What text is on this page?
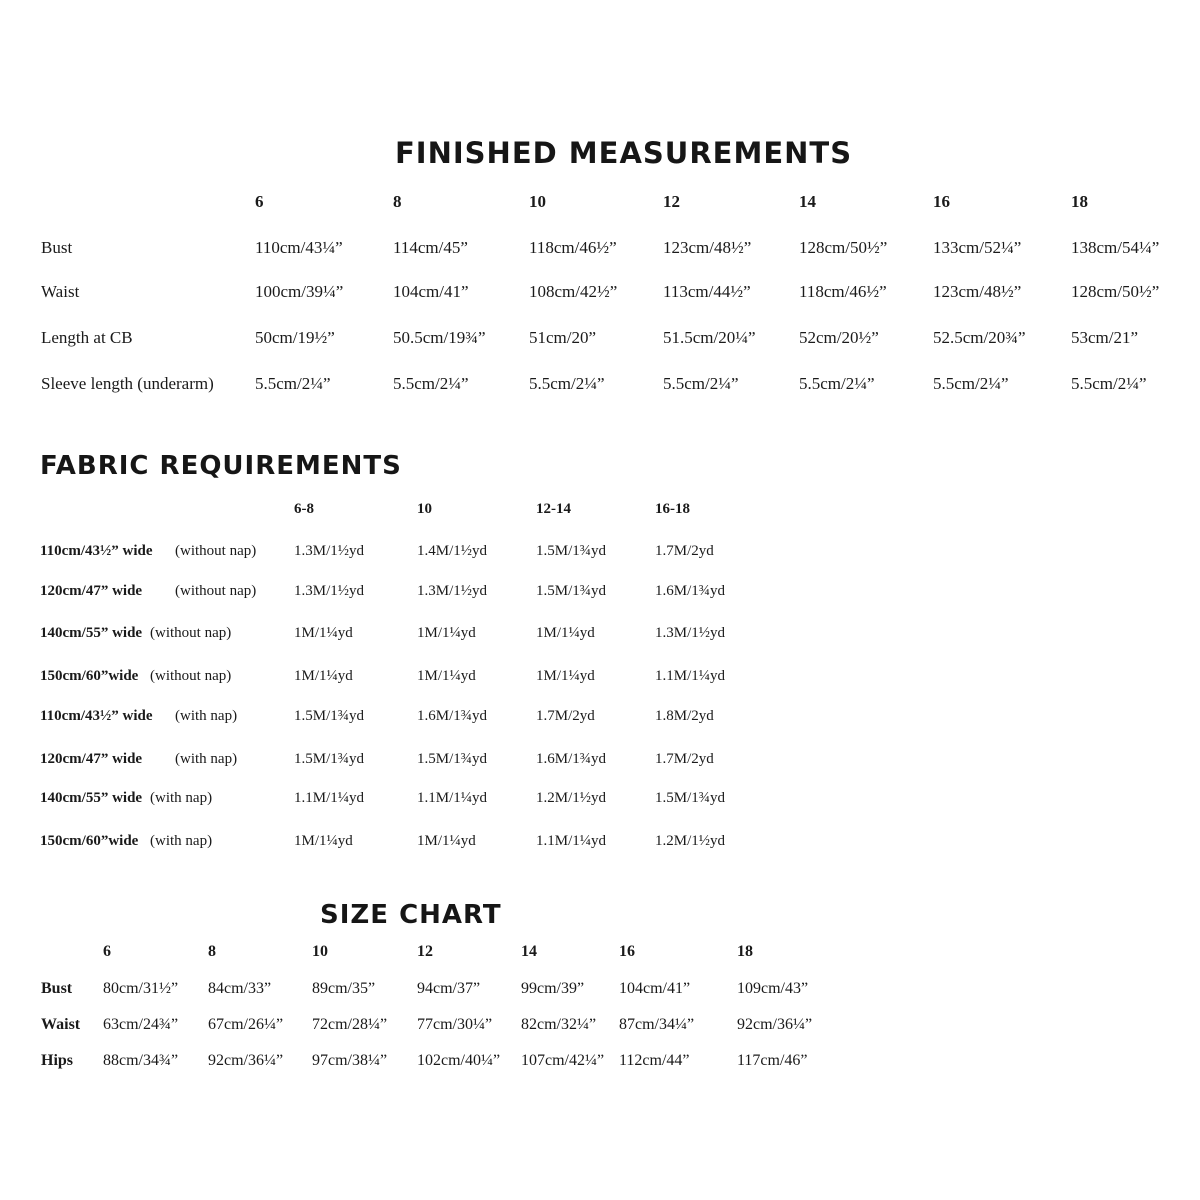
FINISHED MEASUREMENTS
FABRIC REQUIREMENTS
SIZE CHART
6	8	10	12	14	16	18
Bust	110cm/43¼”	114cm/45”	118cm/46½”	123cm/48½”	128cm/50½”	133cm/52¼”	138cm/54¼”
Waist	100cm/39¼”	104cm/41”	108cm/42½”	113cm/44½”	118cm/46½”	123cm/48½”	128cm/50½”
Length at CB	50cm/19½”	50.5cm/19¾”	51cm/20”	51.5cm/20¼”	52cm/20½”	52.5cm/20¾”	53cm/21”
Sleeve length (underarm) 5.5cm/2¼”	5.5cm/2¼”	5.5cm/2¼”	5.5cm/2¼”	5.5cm/2¼”	5.5cm/2¼”	5.5cm/2¼”
6-8	10	12-14	16-18
110cm/43½” wide (without nap)	1.3M/1½yd	1.4M/1½yd	1.5M/1¾yd	1.7M/2yd
120cm/47” wide (without nap)	1.3M/1½yd	1.3M/1½yd	1.5M/1¾yd	1.6M/1¾yd
140cm/55” wide (without nap)	1M/1¼yd	1M/1¼yd	1M/1¼yd	1.3M/1½yd
150cm/60”wide (without nap)	1M/1¼yd	1M/1¼yd	1M/1¼yd	1.1M/1¼yd
110cm/43½” wide (with nap)	1.5M/1¾yd	1.6M/1¾yd	1.7M/2yd	1.8M/2yd
120cm/47” wide (with nap)	1.5M/1¾yd	1.5M/1¾yd	1.6M/1¾yd	1.7M/2yd
140cm/55” wide (with nap)	1.1M/1¼yd	1.1M/1¼yd	1.2M/1½yd	1.5M/1¾yd
150cm/60”wide (with nap)	1M/1¼yd	1M/1¼yd	1.1M/1¼yd	1.2M/1½yd
6	8	10	12	14	16	18
Bust 80cm/31½” 84cm/33”	89cm/35”	94cm/37”	99cm/39” 104cm/41”	109cm/43”
Waist 63cm/24¾” 67cm/26¼” 72cm/28¼” 77cm/30¼” 82cm/32¼” 87cm/34¼”	92cm/36¼”
Hips 88cm/34¾” 92cm/36¼” 97cm/38¼” 102cm/40¼” 107cm/42¼” 112cm/44”	117cm/46”
